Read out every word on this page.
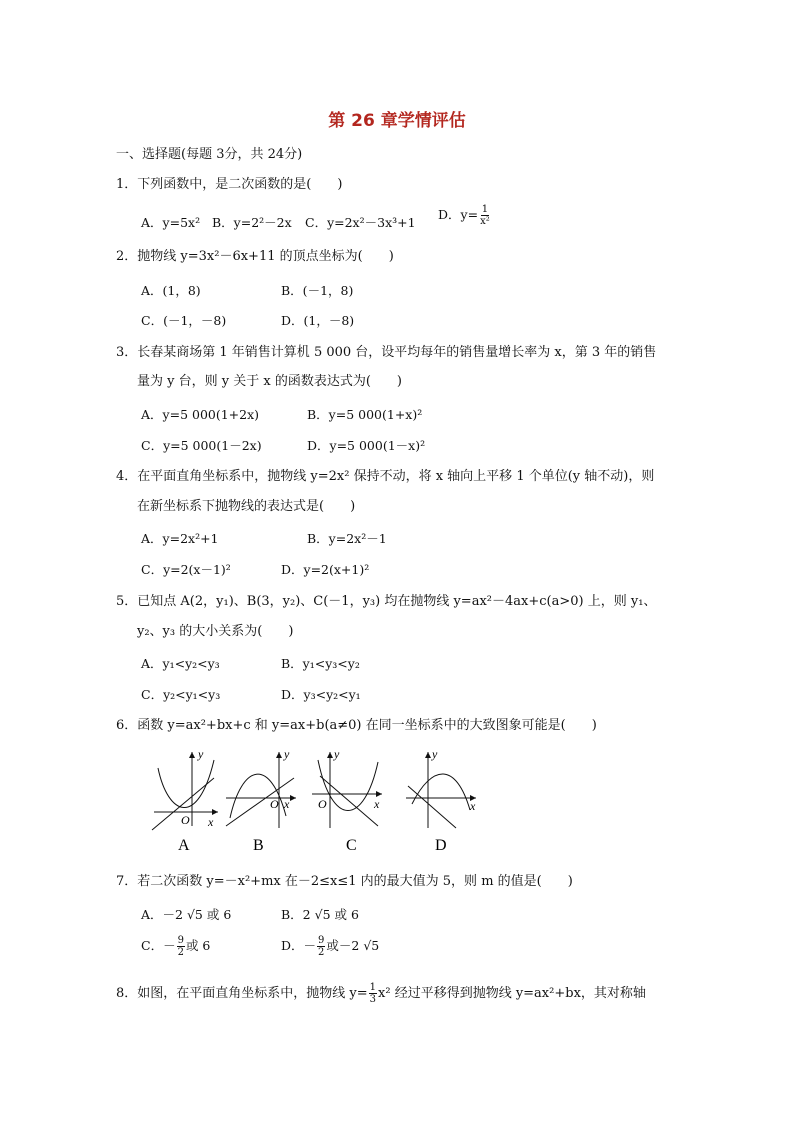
第 26 章学情评估
一、选择题(每题 3分，共 24分)
1．下列函数中，是二次函数的是(　　)
A．y=5x² B．y=2²－2x C．y=2x²－3x³+1
D．$y= \frac{1}{\text{x²}}$
2．抛物线 y=3x²－6x+11 的顶点坐标为(　　)
A．(1，8)	B．(－1，8)
C．(－1，－8)	D．(1，－8)
3．长春某商场第 1 年销售计算机 5 000 台，设平均每年的销售量增长率为 x，第 3 年的销售
量为 y 台，则 y 关于 x 的函数表达式为(　　)
A．y=5 000(1+2x)	B．y=5 000(1+x)²
C．y=5 000(1－2x)	D．y=5 000(1－x)²
4．在平面直角坐标系中，抛物线 y=2x² 保持不动，将 x 轴向上平移 1 个单位(y 轴不动)，则
在新坐标系下抛物线的表达式是(　　)
A．y=2x²+1	B．y=2x²－1
C．y=2(x－1)²	D．y=2(x+1)²
5．已知点 A(2，y₁)、B(3，y₂)、C(－1，y₃) 均在抛物线 y=ax²－4ax+c(a>0) 上，则 y₁、
y₂、y₃ 的大小关系为(　　)
A．y₁<y₂<y₃	B．y₁<y₃<y₂
C．y₂<y₁<y₃	D．y₃<y₂<y₁
6．函数 y=ax²+bx+c 和 y=ax+b(a≠0) 在同一坐标系中的大致图象可能是(　　)
y
x
O
A
y
x
O
B
y
x
O
C
y
x
D
7．若二次函数 y=－x²+mx 在－2≤x≤1 内的最大值为 5，则 m 的值是(　　)
A．－2 √5 或 6	B．2 √5 或 6
C．－ $\frac{9}{2}$ 或 6	D．－ $\frac{9}{2}$ 或－2 √5
8．如图，在平面直角坐标系中，抛物线 $y= \frac{1}{3} x^2$ 经过平移得到抛物线 y=ax²+bx，其对称轴
